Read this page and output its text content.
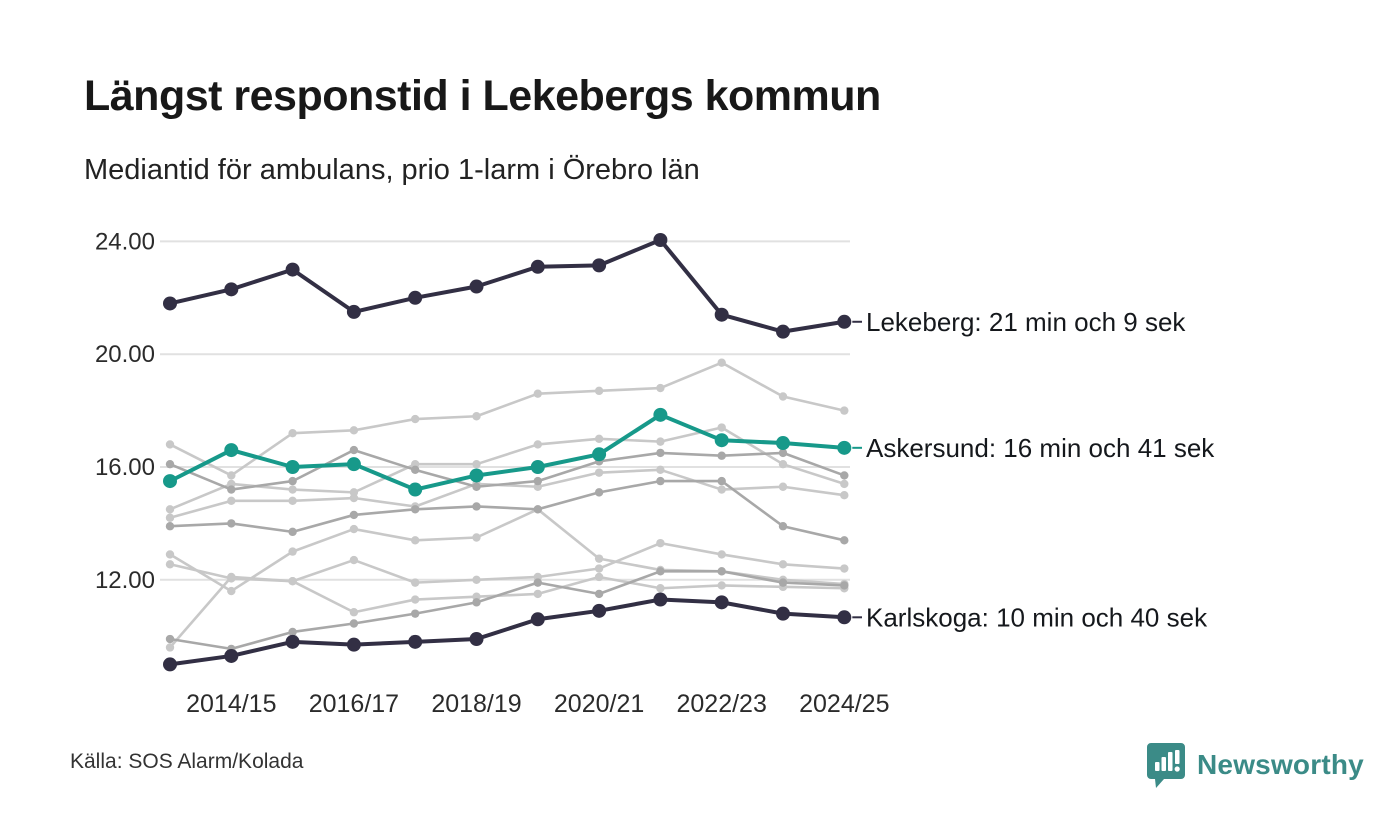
Längst responstid i Lekebergs kommun
Mediantid för ambulans, prio 1-larm i Örebro län
24.00
20.00
16.00
12.00
2014/15 2016/17 2018/19 2020/21 2022/23 2024/25
Lekeberg: 21 min och 9 sek
Askersund: 16 min och 41 sek
Karlskoga: 10 min och 40 sek
Källa: SOS Alarm/Kolada	Newsworthy
